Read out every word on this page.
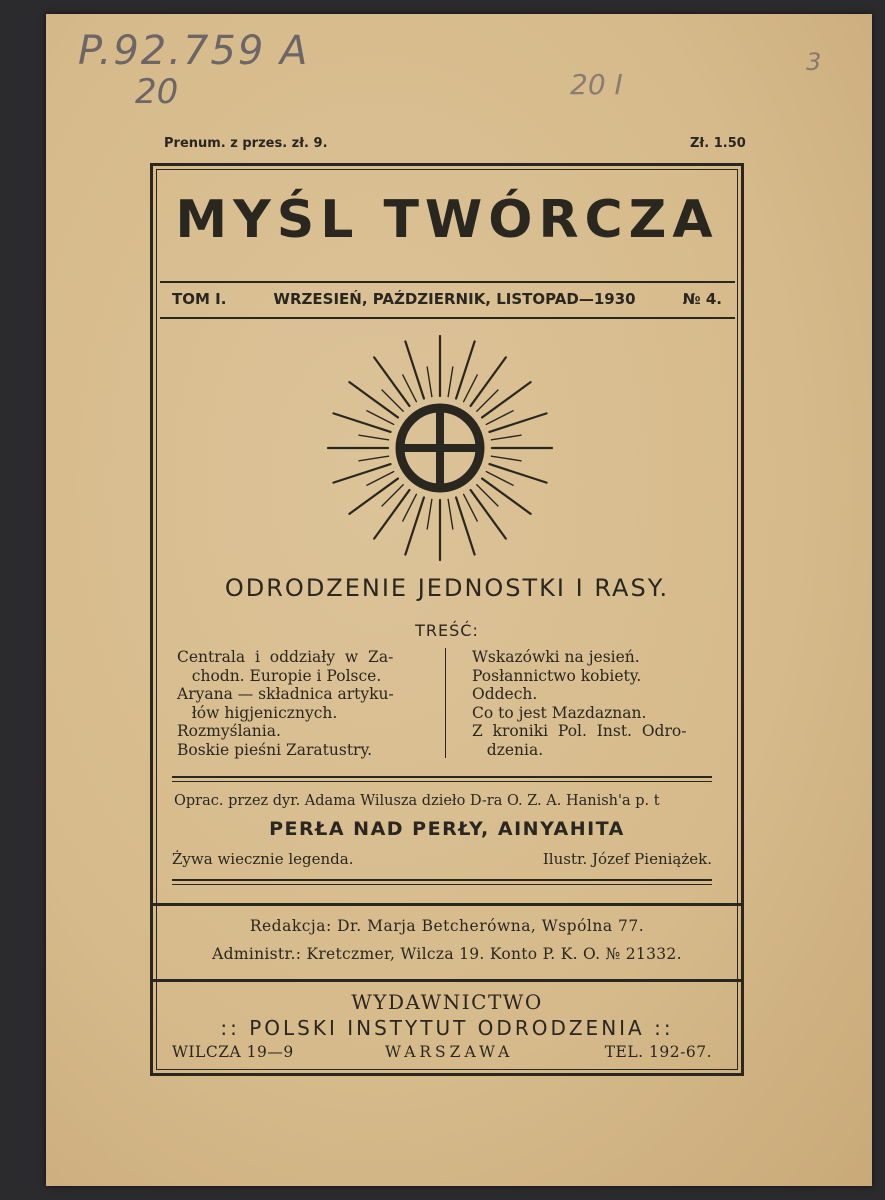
P.92.759 A
20	20 I
3
Prenum. z przes. zł. 9.	Zł. 1.50
MYŚL TWÓRCZA
TOM I.	WRZESIEŃ, PAŹDZIERNIK, LISTOPAD—1930	№ 4.
ODRODZENIE JEDNOSTKI I RASY.
TREŚĆ:
Centrala  i  oddziały  w  Za-
chodn. Europie i Polsce.
Aryana — składnica artyku-
łów higjenicznych.
Rozmyślania.
Boskie pieśni Zaratustry.
Wskazówki na jesień.
Posłannictwo kobiety.
Oddech.
Co to jest Mazdaznan.
Z  kroniki  Pol.  Inst.  Odro-
dzenia.
Oprac. przez dyr. Adama Wilusza dzieło D-ra O. Z. A. Hanish'a p. t
PERŁA NAD PERŁY, AINYAHITA
Żywa wiecznie legenda.	Ilustr. Józef Pieniążek.
Redakcja: Dr. Marja Betcherówna, Wspólna 77.
Administr.: Kretczmer, Wilcza 19. Konto P. K. O. № 21332.
WYDAWNICTWO
:: POLSKI INSTYTUT ODRODZENIA ::
WILCZA 19—9	WARSZAWA	TEL. 192-67.
